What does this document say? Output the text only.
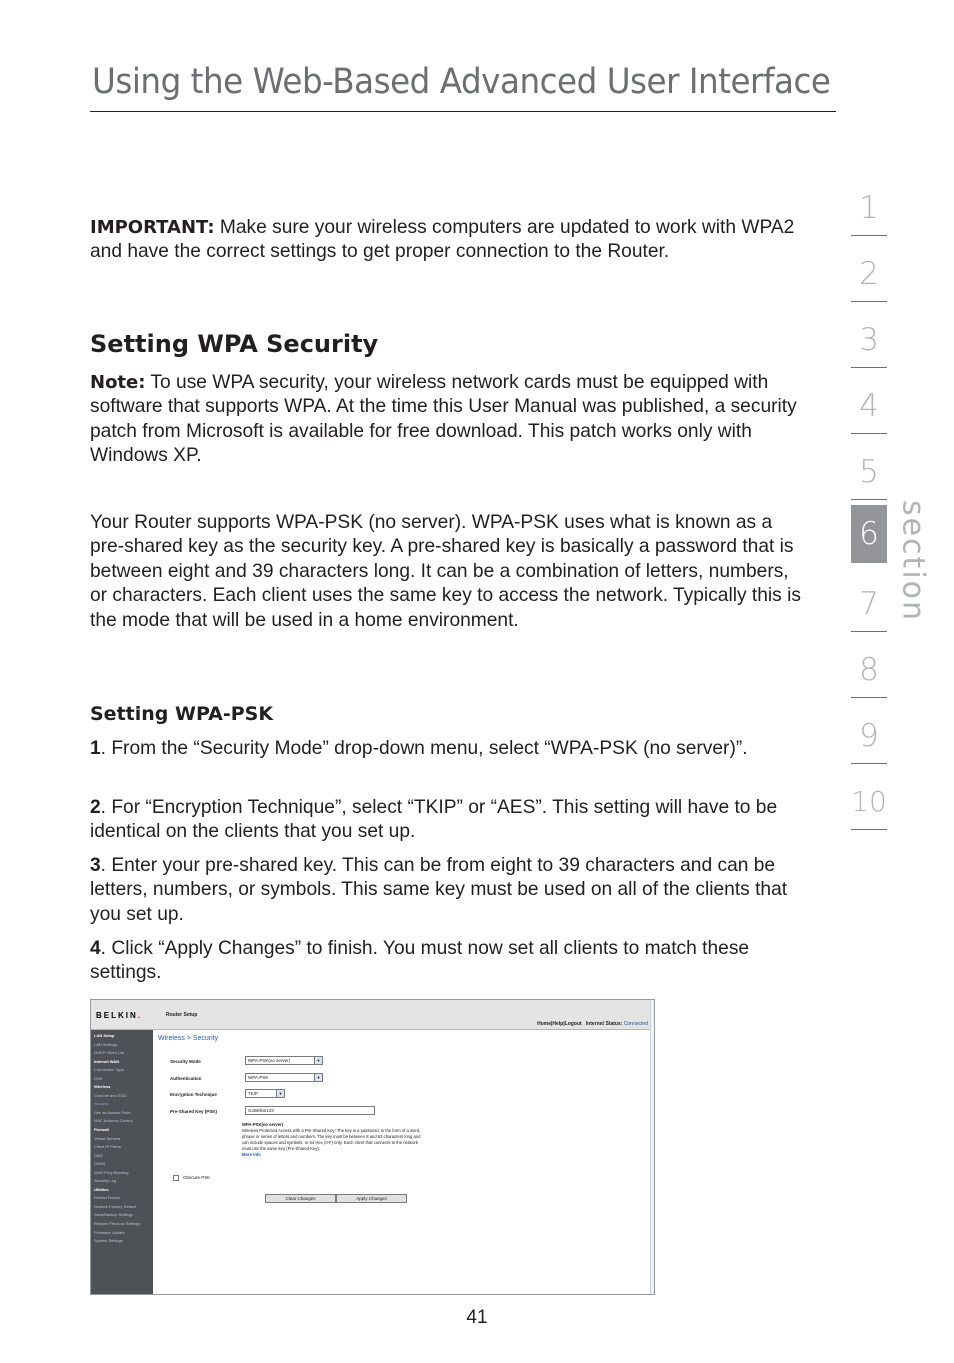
Using the Web-Based Advanced User Interface

IMPORTANT: Make sure your wireless computers are updated to work with WPA2 and have the correct settings to get proper connection to the Router.

Setting WPA Security

Note: To use WPA security, your wireless network cards must be equipped with software that supports WPA. At the time this User Manual was published, a security patch from Microsoft is available for free download. This patch works only with Windows XP.

Your Router supports WPA-PSK (no server). WPA-PSK uses what is known as a pre-shared key as the security key. A pre-shared key is basically a password that is between eight and 39 characters long. It can be a combination of letters, numbers, or characters. Each client uses the same key to access the network. Typically this is the mode that will be used in a home environment.

Setting WPA-PSK

1. From the “Security Mode” drop-down menu, select “WPA-PSK (no server)”.

2. For “Encryption Technique”, select “TKIP” or “AES”. This setting will have to be identical on the clients that you set up.

3. Enter your pre-shared key. This can be from eight to 39 characters and can be letters, numbers, or symbols. This same key must be used on all of the clients that you set up.

4. Click “Apply Changes” to finish. You must now set all clients to match these settings.

1
2
3
4
5
6
7
8
9
10
section
BELKIN.	Router Setup
Home|Help|Logout Internet Status: Connected
LAN Setup
LAN Settings
DHCP Client List
Internet WAN
Connection Type
DNS
Wireless
Channel and SSID
Security
Use as Access Point
MAC Address Control
Firewall
Virtual Servers
Client IP Filters
DMZ
DDNS
WAN Ping Blocking
Security Log
Utilities
Restart Router
Restore Factory Default
Save/Backup Settings
Restore Previous Settings
Firmware Update
System Settings
Wireless > Security
Security Mode	WPA-PSK(no server)	▼
Authentication	WPA-PSK	▼
Encryption Technique	TKIP	▼
Pre-Shared Key (PSK)	GoBelkin123
WPA-PSK(no server)
Wireless Protected Access with a Pre-Shared Key: The key is a password, in the form of a word, phrase or series of letters and numbers. The key must be between 8 and 63 characters long and can include spaces and symbols, or 64 Hex (0-F) only. Each client that connects to the network must use the same key (Pre-Shared Key).
More Info
Obscure PSK
Clear Changes	Apply Changes
41
